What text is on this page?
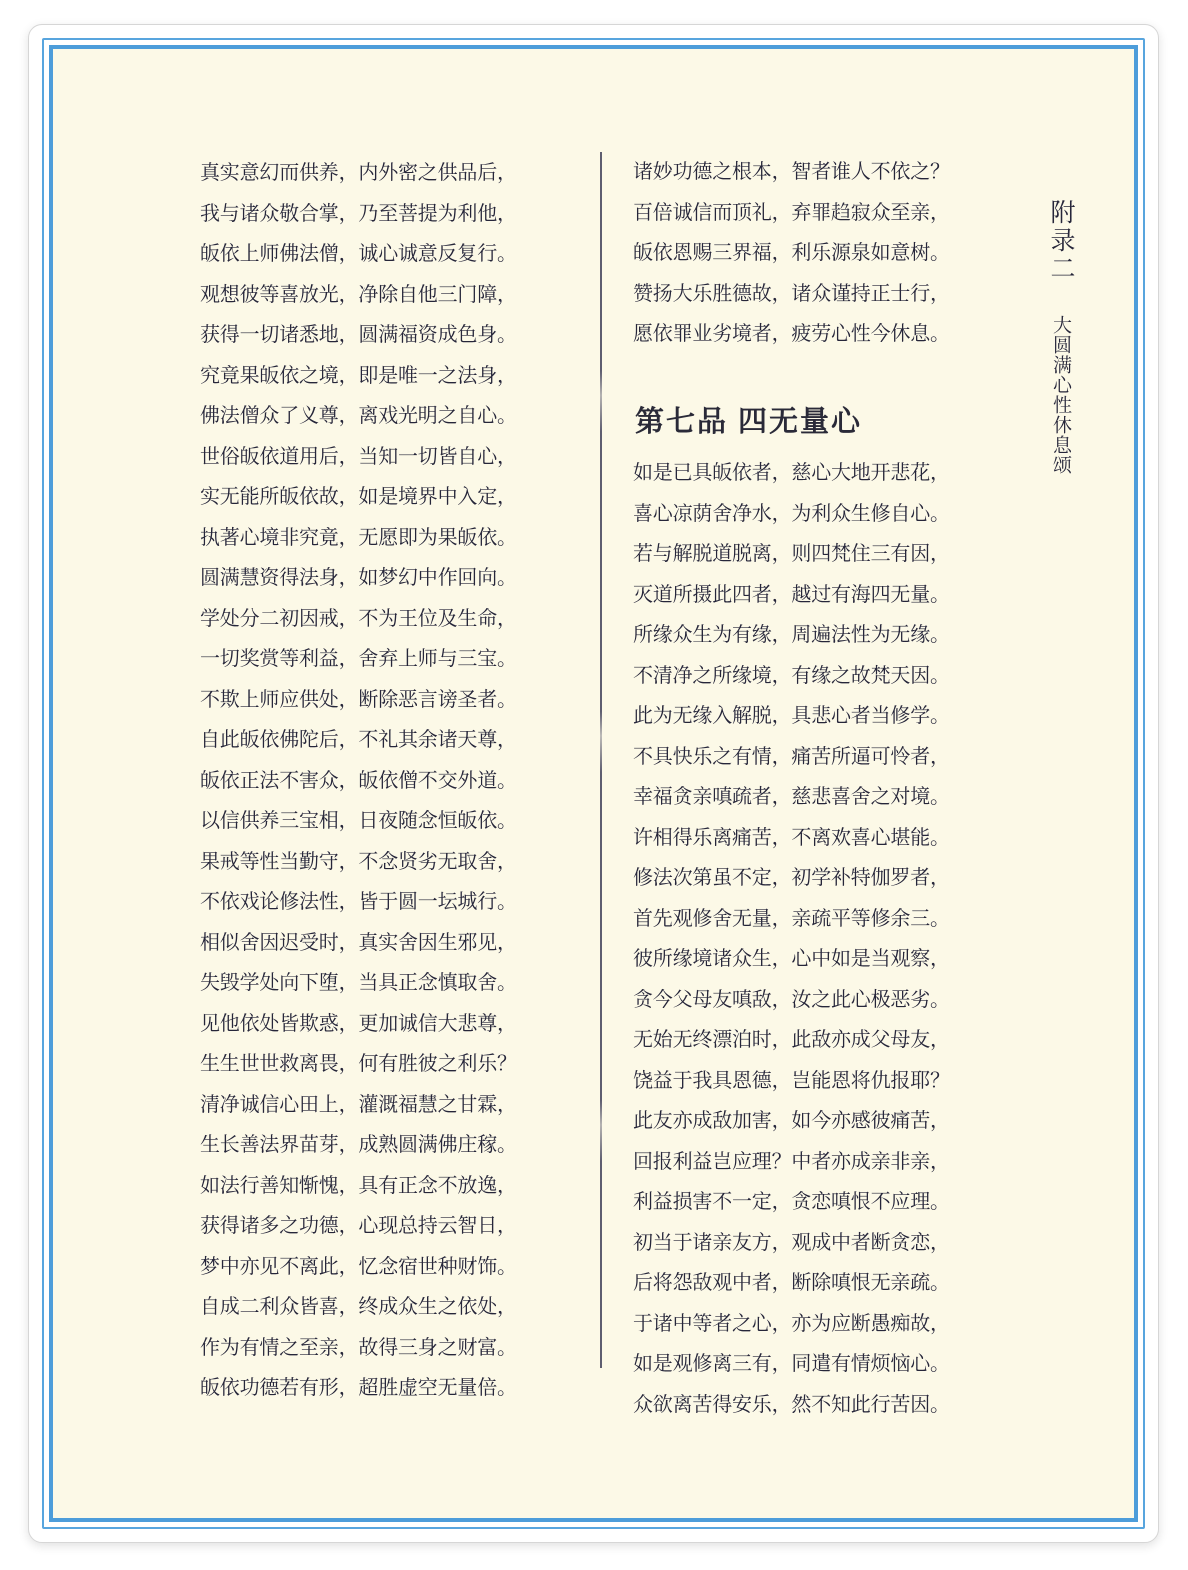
真实意幻而供养，内外密之供品后，
我与诸众敬合掌，乃至菩提为利他，
皈依上师佛法僧，诚心诚意反复行。
观想彼等喜放光，净除自他三门障，
获得一切诸悉地，圆满福资成色身。
究竟果皈依之境，即是唯一之法身，
佛法僧众了义尊，离戏光明之自心。
世俗皈依道用后，当知一切皆自心，
实无能所皈依故，如是境界中入定，
执著心境非究竟，无愿即为果皈依。
圆满慧资得法身，如梦幻中作回向。
学处分二初因戒，不为王位及生命，
一切奖赏等利益，舍弃上师与三宝。
不欺上师应供处，断除恶言谤圣者。
自此皈依佛陀后，不礼其余诸天尊，
皈依正法不害众，皈依僧不交外道。
以信供养三宝相，日夜随念恒皈依。
果戒等性当勤守，不念贤劣无取舍，
不依戏论修法性，皆于圆一坛城行。
相似舍因迟受时，真实舍因生邪见，
失毁学处向下堕，当具正念慎取舍。
见他依处皆欺惑，更加诚信大悲尊，
生生世世救离畏，何有胜彼之利乐？
清净诚信心田上，灌溉福慧之甘霖，
生长善法界苗芽，成熟圆满佛庄稼。
如法行善知惭愧，具有正念不放逸，
获得诸多之功德，心现总持云智日，
梦中亦见不离此，忆念宿世种财饰。
自成二利众皆喜，终成众生之依处，
作为有情之至亲，故得三身之财富。
皈依功德若有形，超胜虚空无量倍。
诸妙功德之根本，智者谁人不依之？
百倍诚信而顶礼，弃罪趋寂众至亲，
皈依恩赐三界福，利乐源泉如意树。
赞扬大乐胜德故，诸众谨持正士行，
愿依罪业劣境者，疲劳心性今休息。
第七品 四无量心
如是已具皈依者，慈心大地开悲花，
喜心凉荫舍净水，为利众生修自心。
若与解脱道脱离，则四梵住三有因，
灭道所摄此四者，越过有海四无量。
所缘众生为有缘，周遍法性为无缘。
不清净之所缘境，有缘之故梵天因。
此为无缘入解脱，具悲心者当修学。
不具快乐之有情，痛苦所逼可怜者，
幸福贪亲嗔疏者，慈悲喜舍之对境。
许相得乐离痛苦，不离欢喜心堪能。
修法次第虽不定，初学补特伽罗者，
首先观修舍无量，亲疏平等修余三。
彼所缘境诸众生，心中如是当观察，
贪今父母友嗔敌，汝之此心极恶劣。
无始无终漂泊时，此敌亦成父母友，
饶益于我具恩德，岂能恩将仇报耶？
此友亦成敌加害，如今亦感彼痛苦，
回报利益岂应理？中者亦成亲非亲，
利益损害不一定，贪恋嗔恨不应理。
初当于诸亲友方，观成中者断贪恋，
后将怨敌观中者，断除嗔恨无亲疏。
于诸中等者之心，亦为应断愚痴故，
如是观修离三有，同遣有情烦恼心。
众欲离苦得安乐，然不知此行苦因。
附录二 大圆满心性休息颂
